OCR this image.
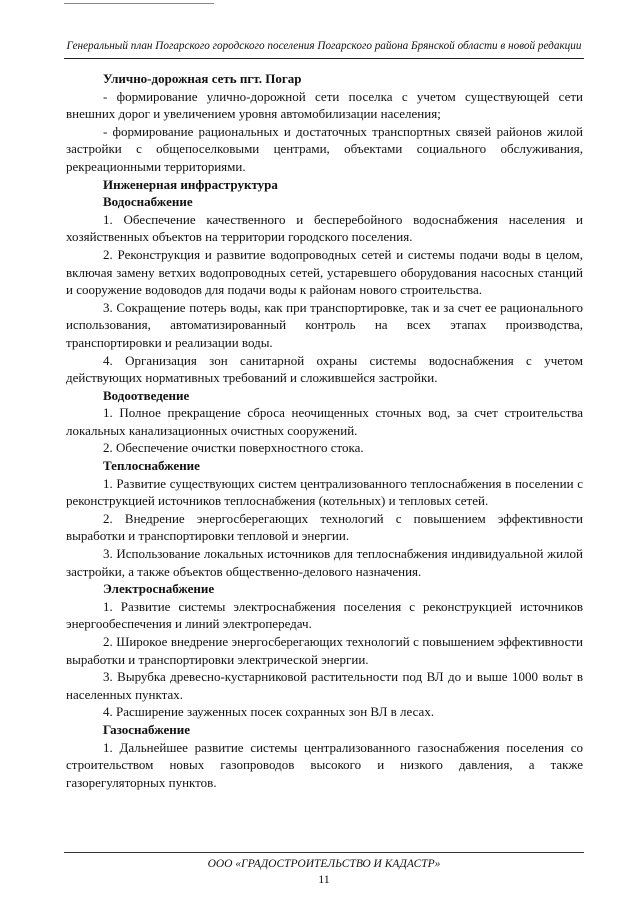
Генеральный план Погарского городского поселения Погарского района Брянской области в новой редакции

Улично-дорожная сеть пгт. Погар

- формирование улично-дорожной сети поселка с учетом существующей сети внешних дорог и увеличением уровня автомобилизации населения;

- формирование рациональных и достаточных транспортных связей районов жилой застройки с общепоселковыми центрами, объектами социального обслуживания, рекреационными территориями.

Инженерная инфраструктура

Водоснабжение

1. Обеспечение качественного и бесперебойного водоснабжения населения и хозяйственных объектов на территории городского поселения.

2. Реконструкция и развитие водопроводных сетей и системы подачи воды в целом, включая замену ветхих водопроводных сетей, устаревшего оборудования насосных станций и сооружение водоводов для подачи воды к районам нового строительства.

3. Сокращение потерь воды, как при транспортировке, так и за счет ее рационального использования, автоматизированный контроль на всех этапах производства, транспортировки и реализации воды.

4. Организация зон санитарной охраны системы водоснабжения с учетом действующих нормативных требований и сложившейся застройки.

Водоотведение

1. Полное прекращение сброса неочищенных сточных вод, за счет строительства локальных канализационных очистных сооружений.

2. Обеспечение очистки поверхностного стока.

Теплоснабжение

1. Развитие существующих систем централизованного теплоснабжения в поселении с реконструкцией источников теплоснабжения (котельных) и тепловых сетей.

2. Внедрение энергосберегающих технологий с повышением эффективности выработки и транспортировки тепловой и энергии.

3. Использование локальных источников для теплоснабжения индивидуальной жилой застройки, а также объектов общественно-делового назначения.

Электроснабжение

1. Развитие системы электроснабжения поселения с реконструкцией источников энергообеспечения и линий электропередач.

2. Широкое внедрение энергосберегающих технологий с повышением эффективности выработки и транспортировки электрической энергии.

3. Вырубка древесно-кустарниковой растительности под ВЛ до и выше 1000 вольт в населенных пунктах.

4. Расширение зауженных посек сохранных зон ВЛ в лесах.

Газоснабжение

1. Дальнейшее развитие системы централизованного газоснабжения поселения со строительством новых газопроводов высокого и низкого давления, а также газорегуляторных пунктов.

ООО «ГРАДОСТРОИТЕЛЬСТВО И КАДАСТР»
11
